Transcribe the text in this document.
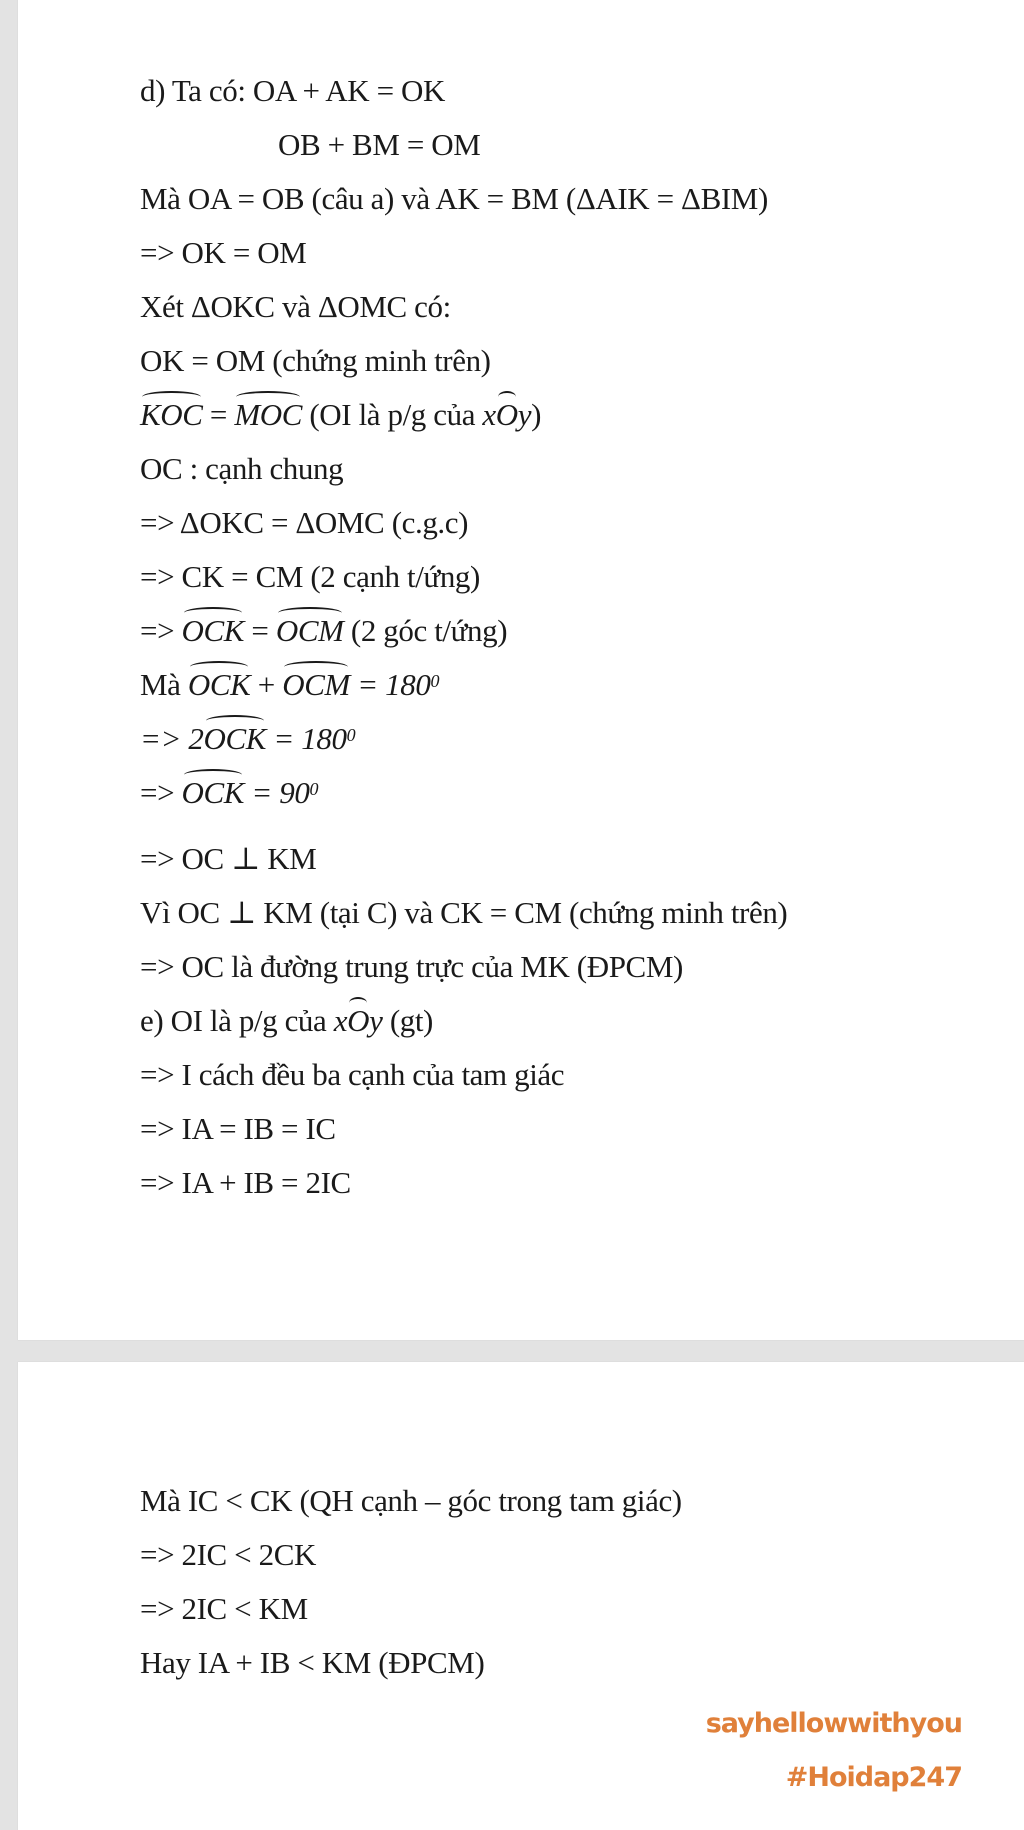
d) Ta có: OA + AK = OK
OB + BM = OM
Mà OA = OB (câu a) và AK = BM (ΔAIK = ΔBIM)
=> OK = OM
Xét ΔOKC và ΔOMC có:
OK = OM (chứng minh trên)
KOC = MOC (OI là p/g của xOy)
OC : cạnh chung
=> ΔOKC = ΔOMC (c.g.c)
=> CK = CM (2 cạnh t/ứng)
=> OCK = OCM (2 góc t/ứng)
Mà OCK + OCM = $180^0$
=> $2OCK = 180^0$
=> OCK = $90^0$
=> OC ⊥ KM
Vì OC ⊥ KM (tại C) và CK = CM (chứng minh trên)
=> OC là đường trung trực của MK (ĐPCM)
e) OI là p/g của xOy (gt)
=> I cách đều ba cạnh của tam giác
=> IA = IB = IC
=> IA + IB = 2IC
Mà IC < CK (QH cạnh – góc trong tam giác)
=> 2IC < 2CK
=> 2IC < KM
Hay IA + IB < KM (ĐPCM)
sayhellowwithyou
#Hoidap247
